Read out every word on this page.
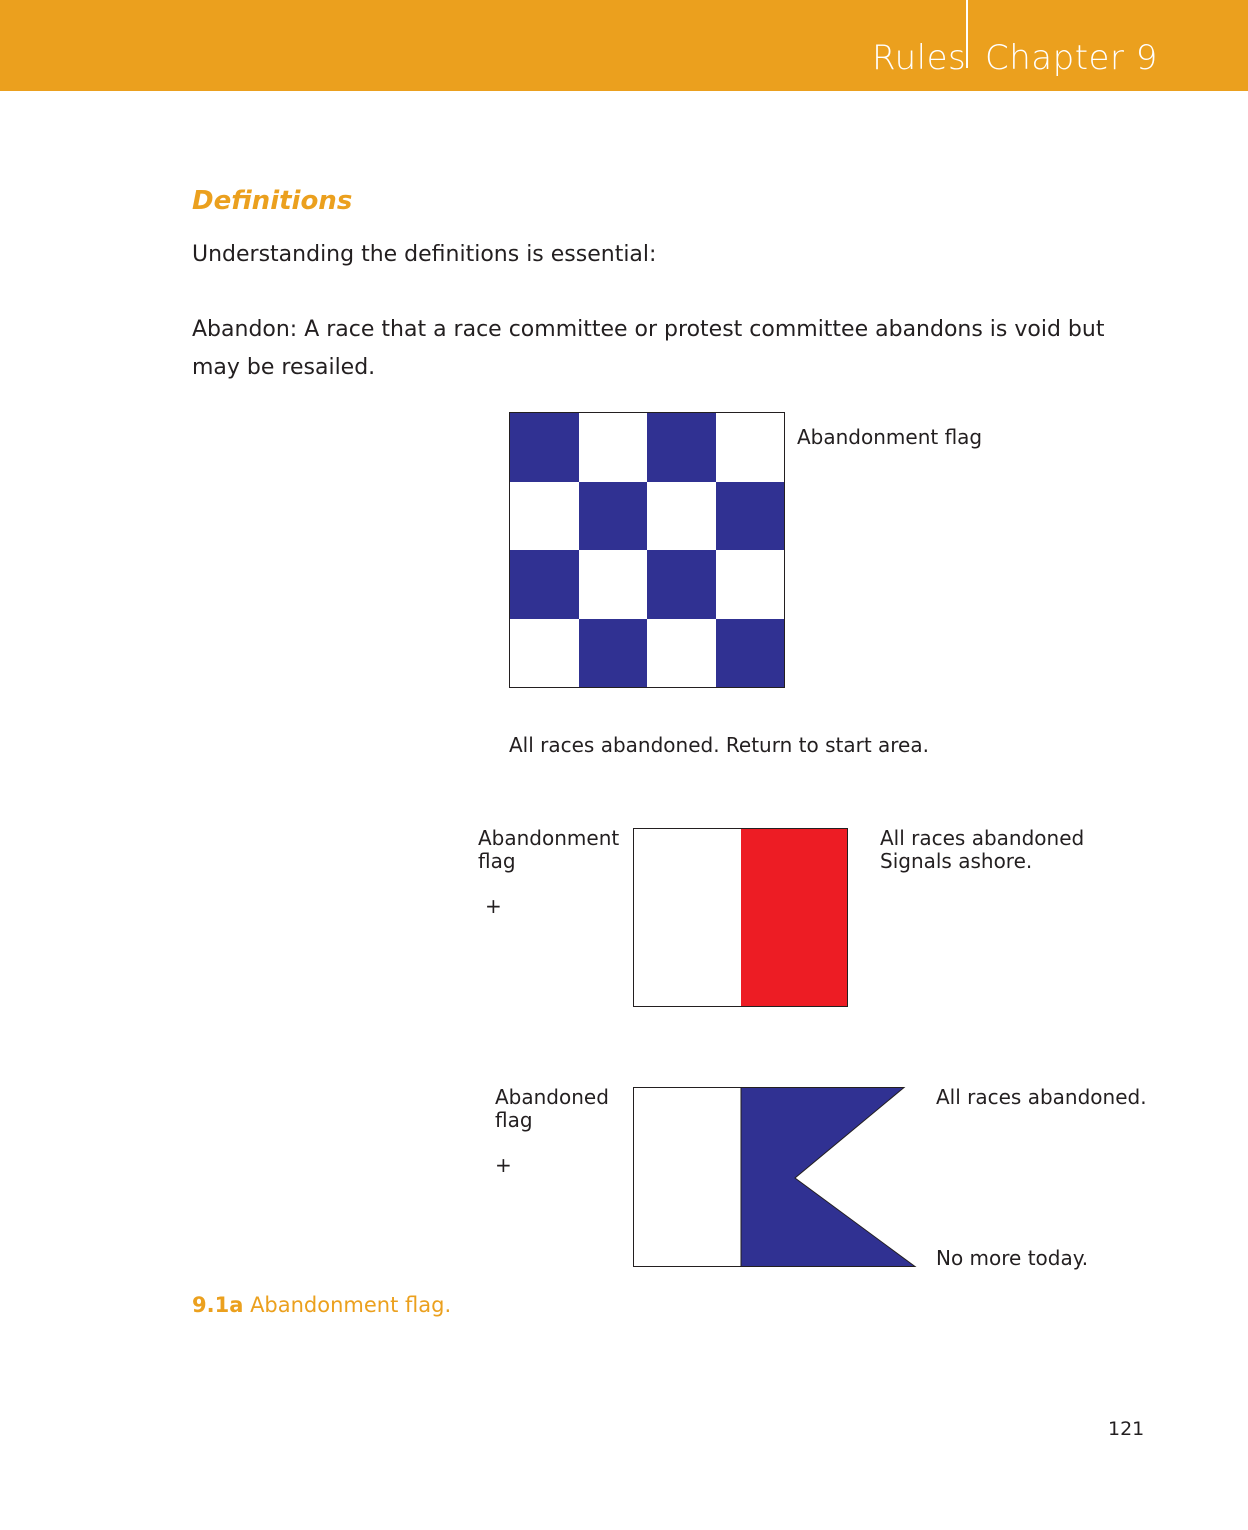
Rules Chapter 9
Definitions
Understanding the definitions is essential:
Abandon: A race that a race committee or protest committee abandons is void but may be resailed.
Abandonment flag
All races abandoned. Return to start area.
Abandonment
flag
+
All races abandoned
Signals ashore.
Abandoned
flag
+
All races abandoned.
No more today.
9.1a Abandonment flag.
121
